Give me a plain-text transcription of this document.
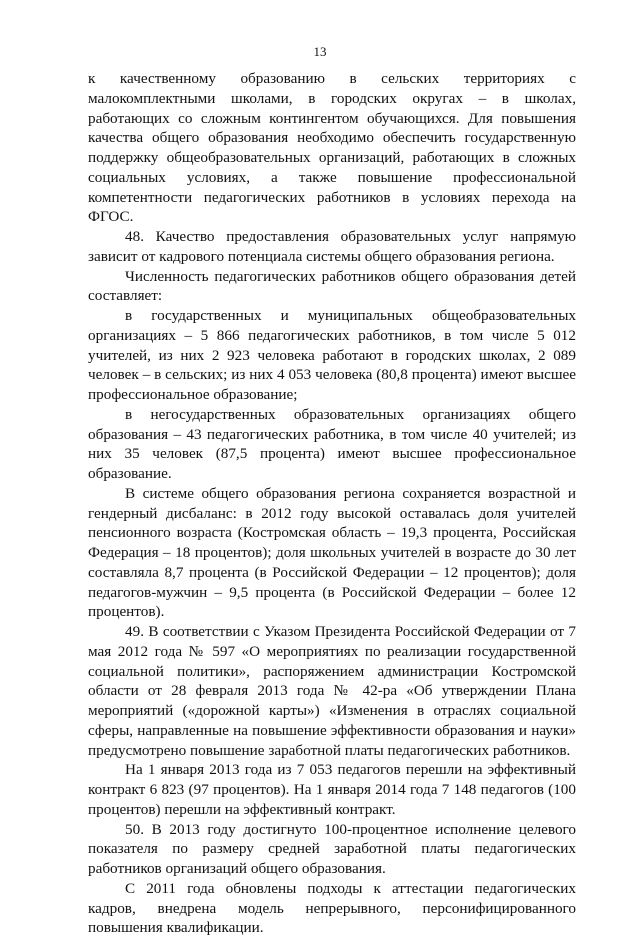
13

к качественному образованию в сельских территориях с малокомплектными школами, в городских округах – в школах, работающих со сложным контингентом обучающихся. Для повышения качества общего образования необходимо обеспечить государственную поддержку общеобразовательных организаций, работающих в сложных социальных условиях, а также повышение профессиональной компетентности педагогических работников в условиях перехода на ФГОС.

48. Качество предоставления образовательных услуг напрямую зависит от кадрового потенциала системы общего образования региона.

Численность педагогических работников общего образования детей составляет:

в государственных и муниципальных общеобразовательных организациях – 5 866 педагогических работников, в том числе 5 012 учителей, из них 2 923 человека работают в городских школах, 2 089 человек – в сельских; из них 4 053 человека (80,8 процента) имеют высшее профессиональное образование;

в негосударственных образовательных организациях общего образования – 43 педагогических работника, в том числе 40 учителей; из них 35 человек (87,5 процента) имеют высшее профессиональное образование.

В системе общего образования региона сохраняется возрастной и гендерный дисбаланс: в 2012 году высокой оставалась доля учителей пенсионного возраста (Костромская область – 19,3 процента, Российская Федерация – 18 процентов); доля школьных учителей в возрасте до 30 лет составляла 8,7 процента (в Российской Федерации – 12 процентов); доля педагогов-мужчин – 9,5 процента (в Российской Федерации – более 12 процентов).

49. В соответствии с Указом Президента Российской Федерации от 7 мая 2012 года № 597 «О мероприятиях по реализации государственной социальной политики», распоряжением администрации Костромской области от 28 февраля 2013 года № 42-ра «Об утверждении Плана мероприятий («дорожной карты») «Изменения в отраслях социальной сферы, направленные на повышение эффективности образования и науки» предусмотрено повышение заработной платы педагогических работников.

На 1 января 2013 года из 7 053 педагогов перешли на эффективный контракт 6 823 (97 процентов). На 1 января 2014 года 7 148 педагогов (100 процентов) перешли на эффективный контракт.

50. В 2013 году достигнуто 100-процентное исполнение целевого показателя по размеру средней заработной платы педагогических работников организаций общего образования.

С 2011 года обновлены подходы к аттестации педагогических кадров, внедрена модель непрерывного, персонифицированного повышения квалификации.
